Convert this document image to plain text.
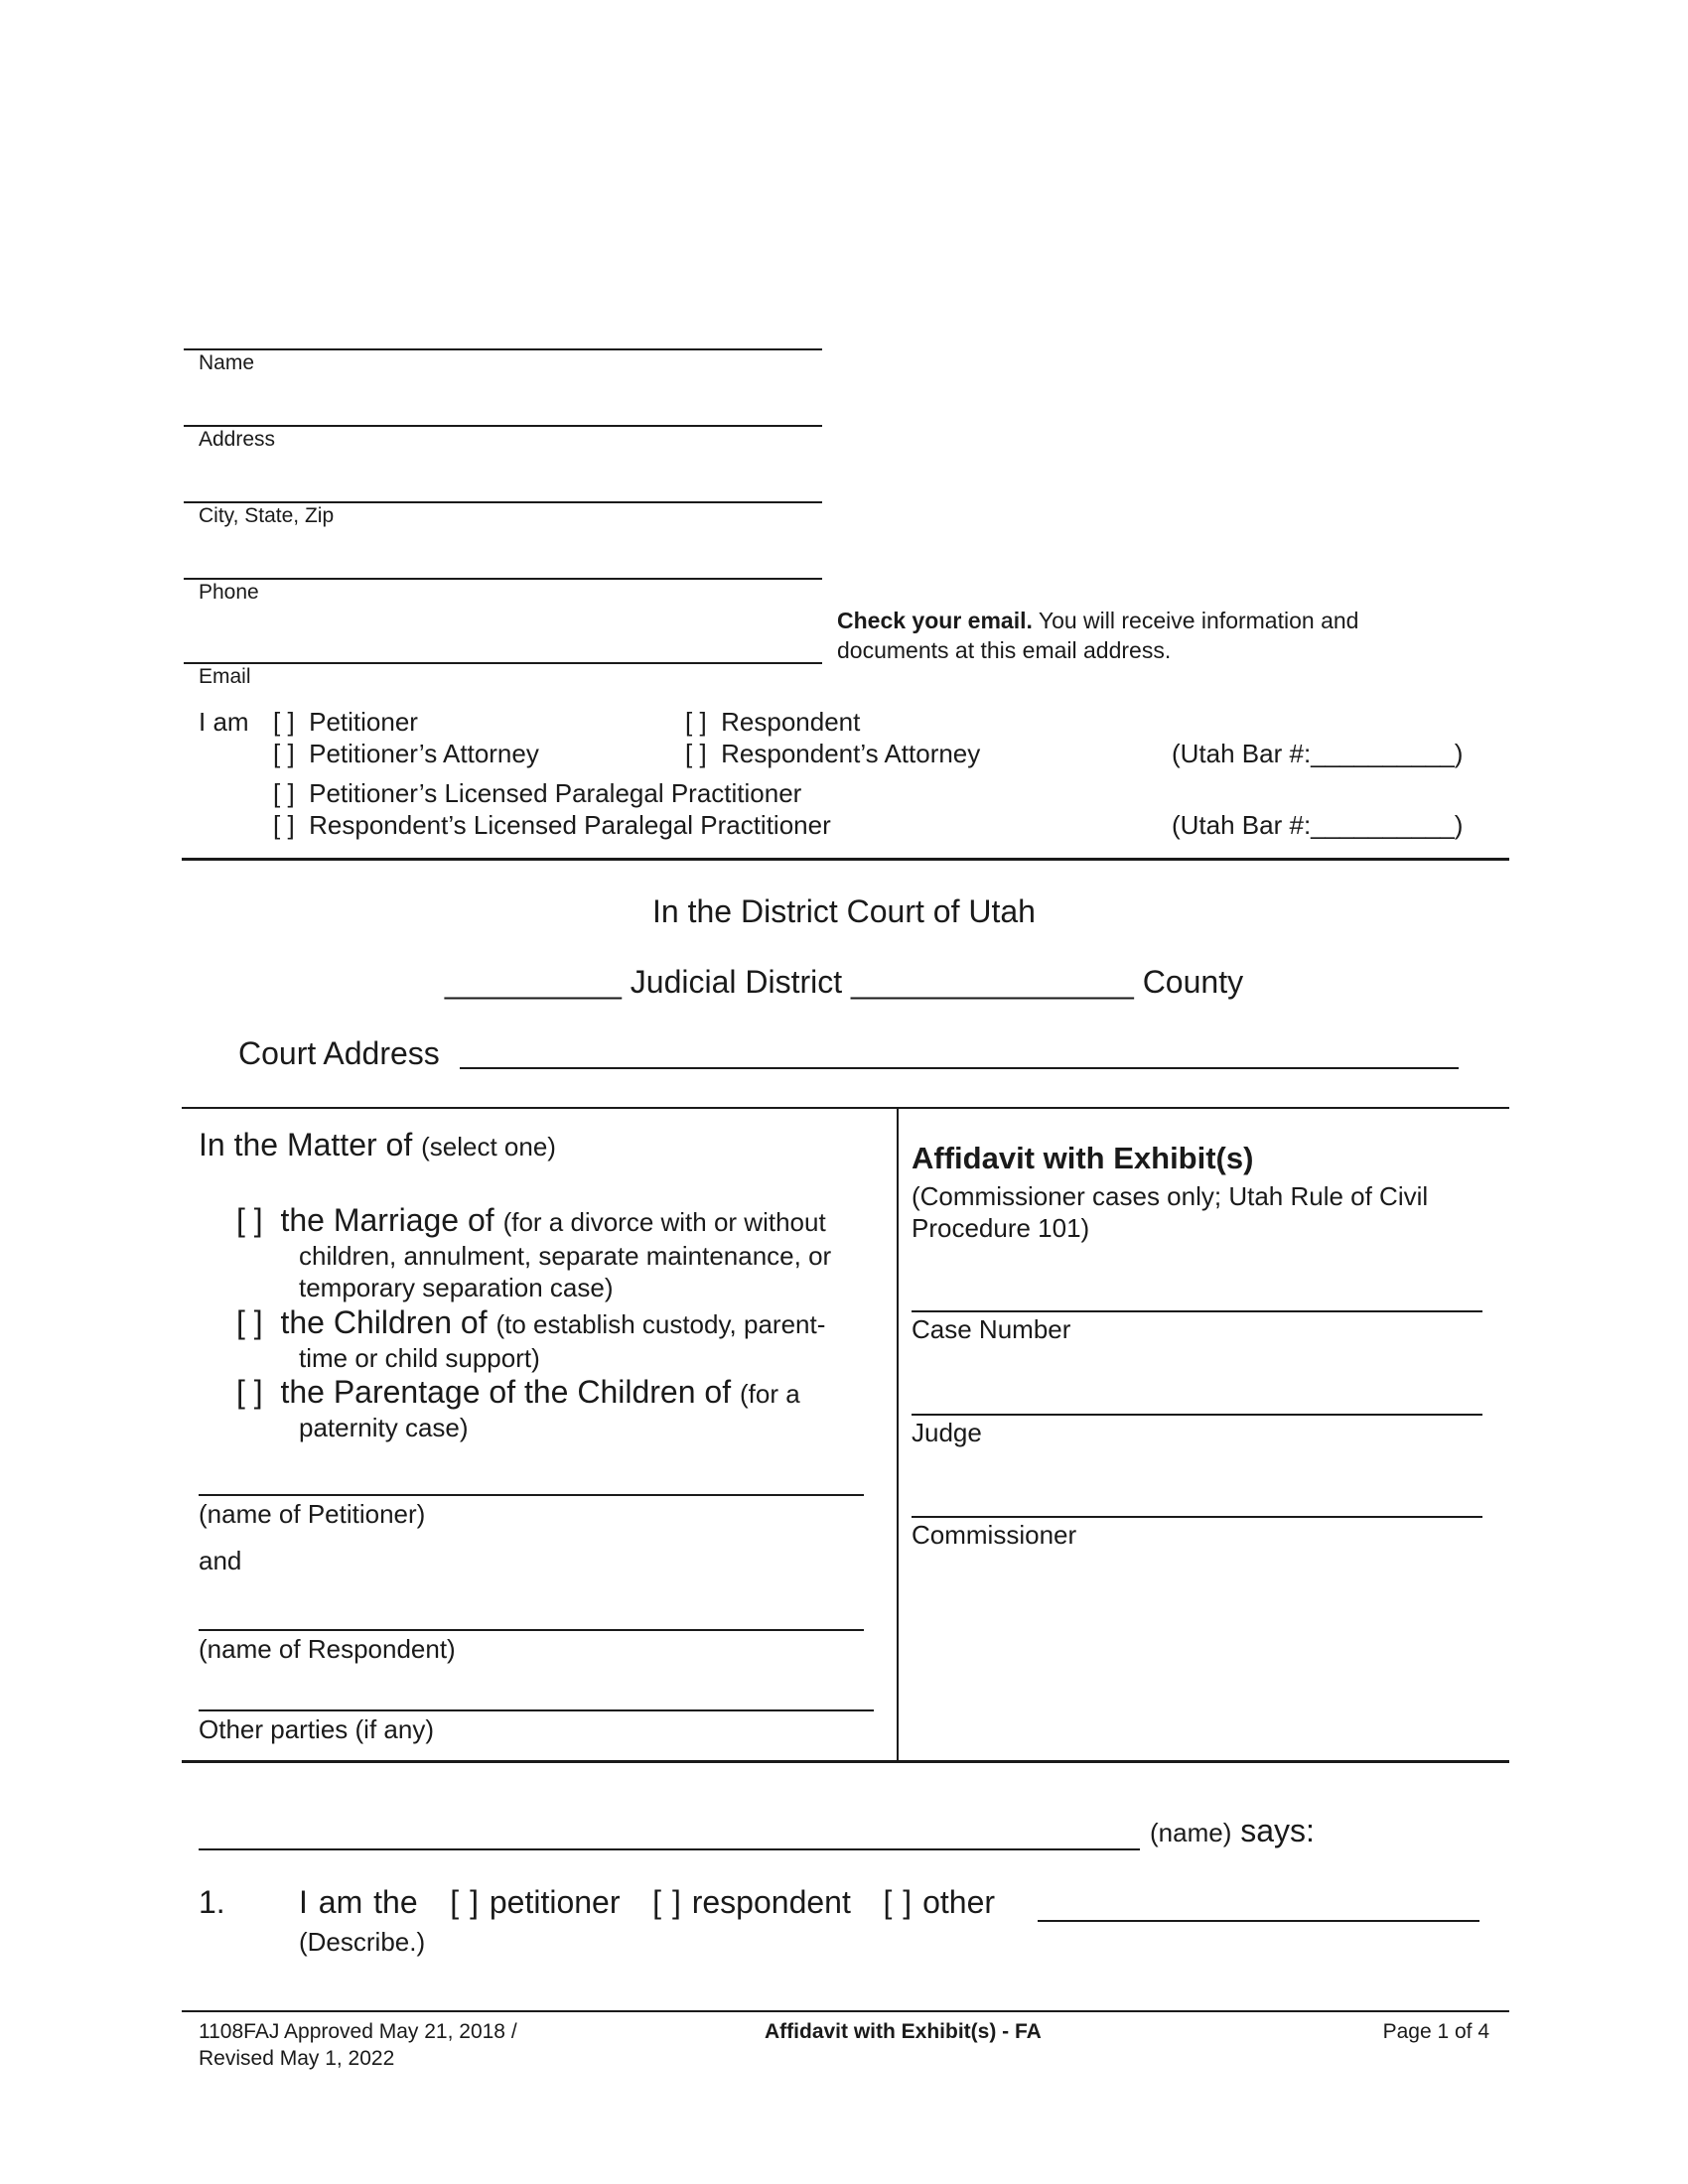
Name
Address
City, State, Zip
Phone
Check your email. You will receive information and documents at this email address.
Email
I am [ ] Petitioner	[ ] Respondent
[ ] Petitioner’s Attorney	[ ] Respondent’s Attorney	(Utah Bar #:__________)
[ ] Petitioner’s Licensed Paralegal Practitioner
[ ] Respondent’s Licensed Paralegal Practitioner	(Utah Bar #:__________)
In the District Court of Utah
__________ Judicial District ________________ County
Court Address
In the Matter of (select one)
[ ] the Marriage of (for a divorce with or without
children, annulment, separate maintenance, or temporary separation case)
[ ] the Children of (to establish custody, parent-
time or child support)
[ ] the Parentage of the Children of (for a
paternity case)
(name of Petitioner)
and
(name of Respondent)
Other parties (if any)
Affidavit with Exhibit(s)
(Commissioner cases only; Utah Rule of Civil Procedure 101)
Case Number
Judge
Commissioner
(name) says:
1. I am the [ ] petitioner [ ] respondent [ ] other
(Describe.)
1108FAJ Approved May 21, 2018 /
Revised May 1, 2022
Affidavit with Exhibit(s) - FA	Page 1 of 4
